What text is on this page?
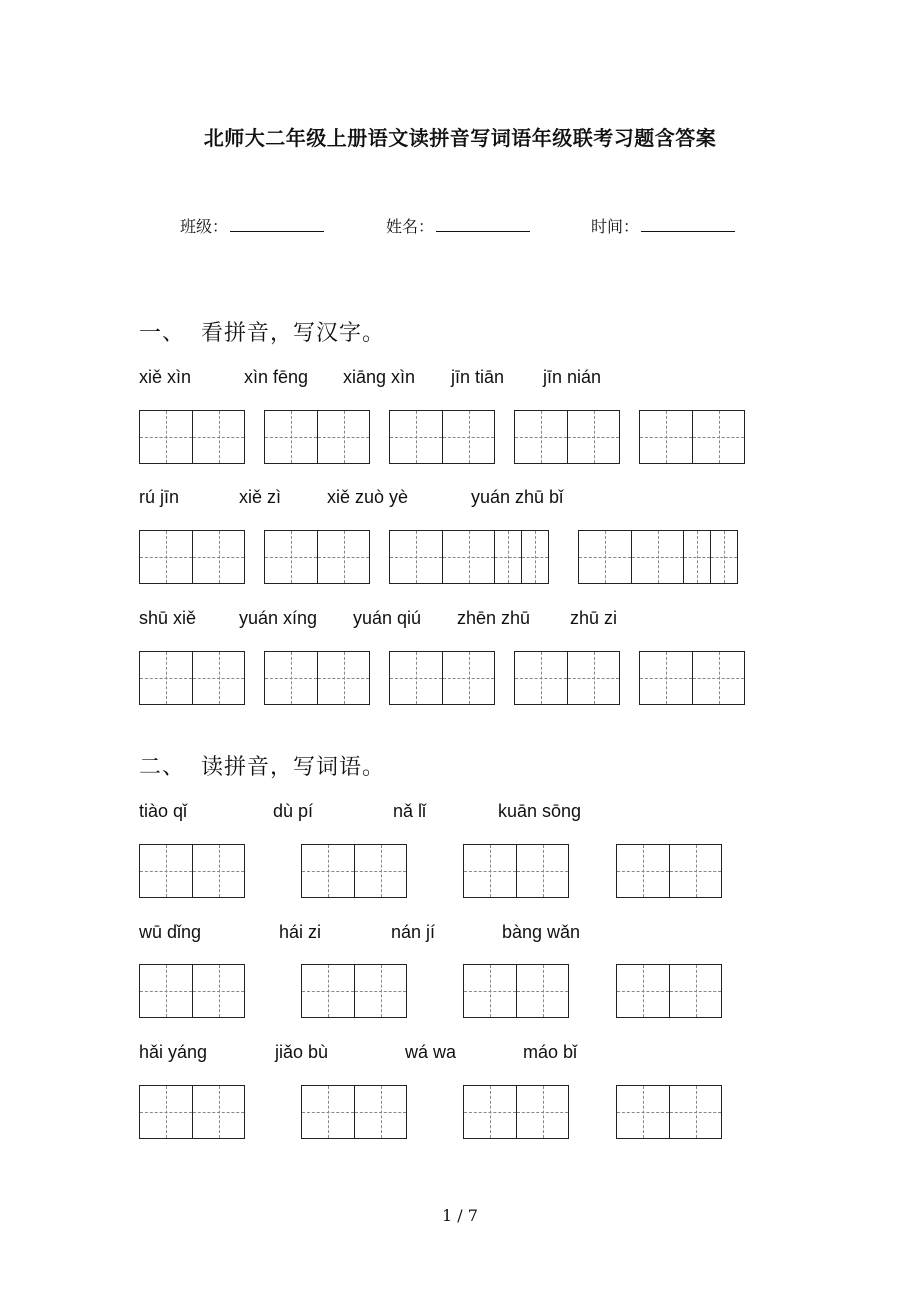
北师大二年级上册语文读拼音写词语年级联考习题含答案
班级：	姓名：	时间：
一、 看拼音，写汉字。
xiě xìn	xìn fēng xiāng xìn jīn tiān jīn nián
rú jīn	xiě zì	xiě zuò yè	yuán zhū bǐ
shū xiě yuán xíng yuán qiú zhēn zhū zhū zi
二、 读拼音，写词语。
tiào qǐ	dù pí	nǎ lǐ	kuān sōng
wū dǐng	hái zi	nán jí	bàng wǎn
hǎi yáng	jiǎo bù	wá wa	máo bǐ
1 / 7
